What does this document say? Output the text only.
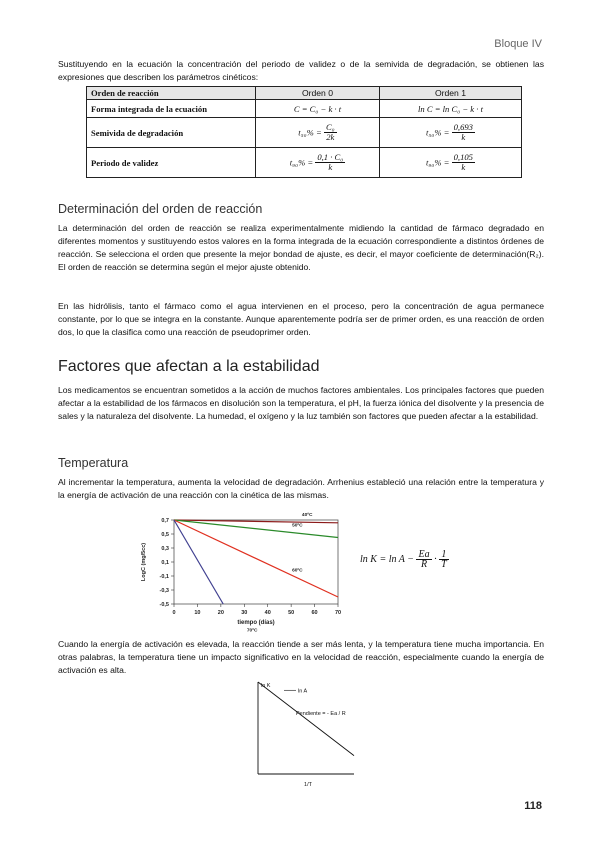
Bloque IV

Sustituyendo en la ecuación la concentración del periodo de validez o de la semivida de degradación, se obtienen las expresiones que describen los parámetros cinéticos:

Orden de reacción	Orden 0	Orden 1
Forma integrada de la ecuación	C = C₀ − k · t	ln C = ln C₀ − k · t
Semivida de degradación	$t_{50}\% = \frac{\text{C₀}}{2k}$	$t_{50}\% = \frac{0,693}{k}$

Periodo de validez	$t_{90}\% = \frac{\text{0,1 · C₀}}{k}$	$t_{90}\% = \frac{0,105}{k}$
Determinación del orden de reacción

La determinación del orden de reacción se realiza experimentalmente midiendo la cantidad de fármaco degradado en diferentes momentos y sustituyendo estos valores en la forma integrada de la ecuación correspondiente a distintos órdenes de reacción. Se selecciona el orden que presente la mejor bondad de ajuste, es decir, el mayor coeficiente de determinación(R₂). El orden de reacción se determina según el mejor ajuste obtenido.

En las hidrólisis, tanto el fármaco como el agua intervienen en el proceso, pero la concentración de agua permanece constante, por lo que se integra en la constante. Aunque aparentemente podría ser de primer orden, es una reacción de orden dos, lo que la clasifica como una reacción de pseudoprimer orden.

Factores que afectan a la estabilidad

Los medicamentos se encuentran sometidos a la acción de muchos factores ambientales. Los principales factores que pueden afectar a la estabilidad de los fármacos en disolución son la temperatura, el pH, la fuerza iónica del disolvente y la presencia de sales y la naturaleza del disolvente. La humedad, el oxígeno y la luz también son factores que pueden afectar a la estabilidad.

Temperatura

Al incrementar la temperatura, aumenta la velocidad de degradación. Arrhenius estableció una relación entre la temperatura y la energía de activación de una reacción con la cinética de las mismas.

0	10	20	30	40	50	60	70
0,7
0,5
0,3
0,1
-0,1
-0,3
-0,5
40ºC
50ºC
60ºC
70ºC
tiempo (días)
LogC (mg/5cc)	$\ln K = \ln A - \frac{Ea}{R} \cdot \frac{1}{T}$

Cuando la energía de activación es elevada, la reacción tiende a ser más lenta, y la temperatura tiene mucha importancia. En otras palabras, la temperatura tiene un impacto significativo en la velocidad de reacción, especialmente cuando la energía de activación es alta.

ln K
ln A
Pendiente = - Ea / R
1/T
118
